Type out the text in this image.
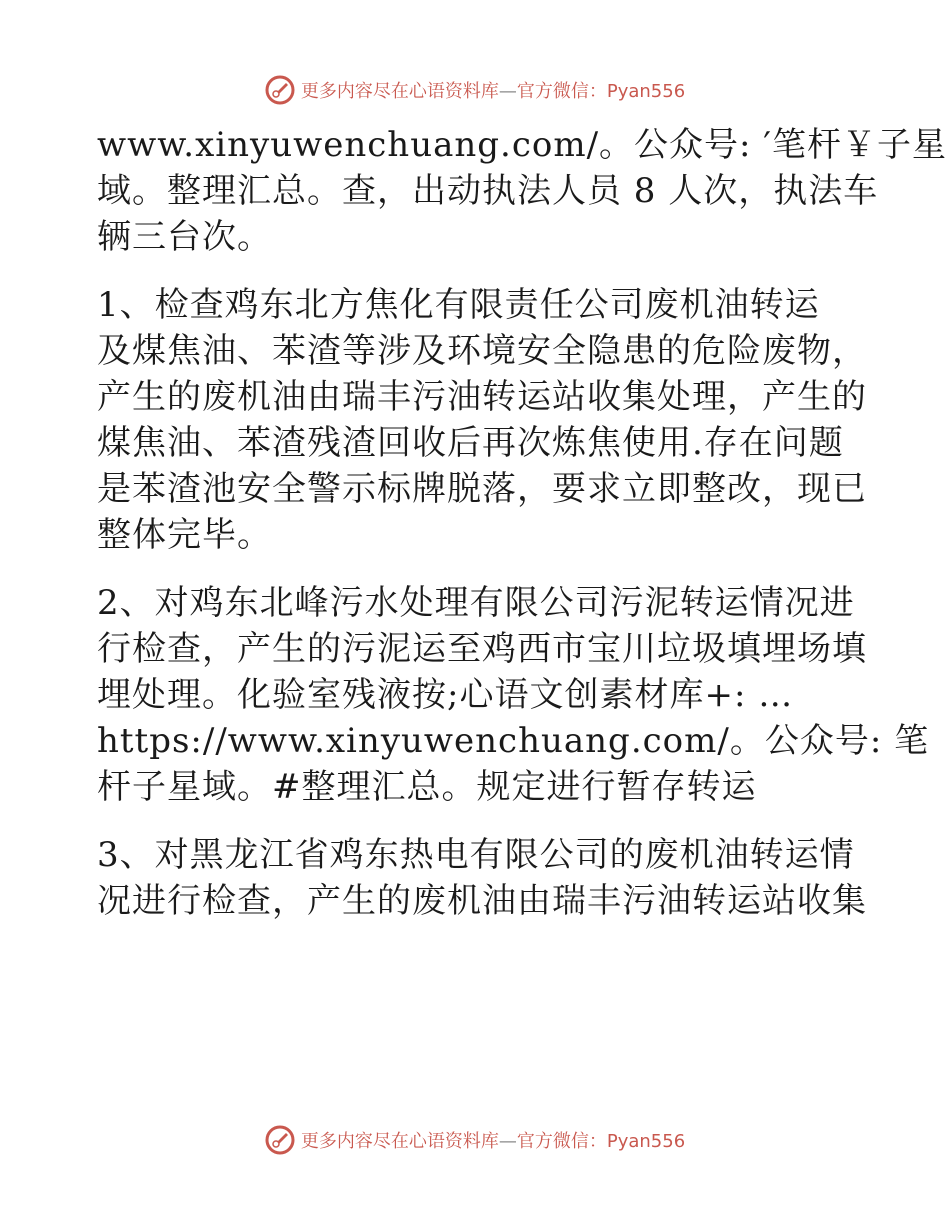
更多内容尽在心语资料库—官方微信：Pyan556
www.xinyuwenchuang.com/。公众号: ′笔杆￥子星
域。整理汇总。查，出动执法人员 8 人次，执法车
辆三台次。
1、检查鸡东北方焦化有限责任公司废机油转运
及煤焦油、苯渣等涉及环境安全隐患的危险废物，
产生的废机油由瑞丰污油转运站收集处理，产生的
煤焦油、苯渣残渣回收后再次炼焦使用.存在问题
是苯渣池安全警示标牌脱落，要求立即整改，现已
整体完毕。
2、对鸡东北峰污水处理有限公司污泥转运情况进
行检查，产生的污泥运至鸡西市宝川垃圾填埋场填
埋处理。化验室残液按;心语文创素材库+: …
https://www.xinyuwenchuang.com/。公众号: 笔
杆子星域。#整理汇总。规定进行暂存转运
3、对黑龙江省鸡东热电有限公司的废机油转运情
况进行检查，产生的废机油由瑞丰污油转运站收集
更多内容尽在心语资料库—官方微信：Pyan556
